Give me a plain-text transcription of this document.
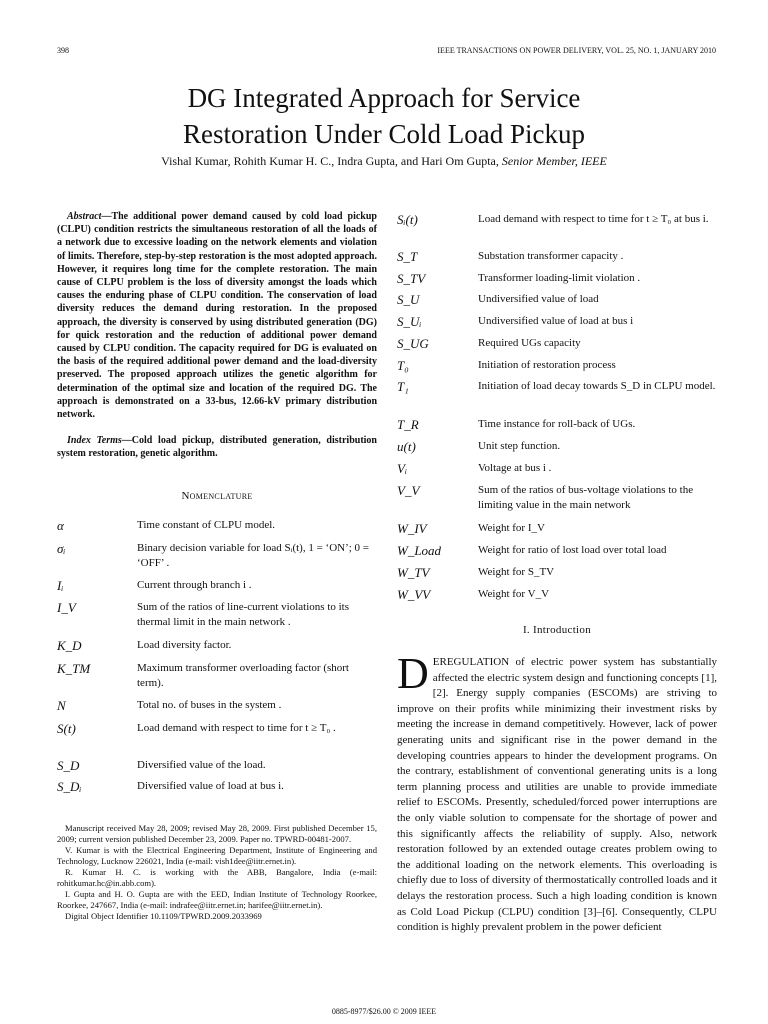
398	IEEE TRANSACTIONS ON POWER DELIVERY, VOL. 25, NO. 1, JANUARY 2010
DG Integrated Approach for Service
Restoration Under Cold Load Pickup
Vishal Kumar, Rohith Kumar H. C., Indra Gupta, and Hari Om Gupta, Senior Member, IEEE
Abstract—The additional power demand caused by cold load pickup (CLPU) condition restricts the simultaneous restoration of all the loads of a network due to excessive loading on the network elements and violation of limits. Therefore, step-by-step restoration is the most adopted approach. However, it requires long time for the complete restoration. The main cause of CLPU problem is the loss of diversity amongst the loads which causes the enduring phase of CLPU condition. The conservation of load diversity reduces the demand during restoration. In the proposed approach, the diversity is conserved by using distributed generation (DG) for quick restoration and the reduction of additional power demand caused by CLPU condition. The capacity required for DG is evaluated on the basis of the required additional power demand and the load-diversity preserved. The proposed approach utilizes the genetic algorithm for determination of the optimal size and location of the required DG. The approach is demonstrated on a 33-bus, 12.66-kV primary distribution network.
Index Terms—Cold load pickup, distributed generation, distribution system restoration, genetic algorithm.
Nomenclature
α	Time constant of CLPU model.
σᵢ	Binary decision variable for load Sᵢ(t), 1 = ‘ON’; 0 = ‘OFF’ .
Iᵢ	Current through branch i .
I_V	Sum of the ratios of line-current violations to its thermal limit in the main network .
K_D	Load diversity factor.
K_TM	Maximum transformer overloading factor (short term).
N	Total no. of buses in the system .
S(t)	Load demand with respect to time for t ≥ T₀ .
S_D	Diversified value of the load.
S_Dᵢ	Diversified value of load at bus i.
Sᵢ(t)	Load demand with respect to time for t ≥ T₀ at bus i.
S_T	Substation transformer capacity .
S_TV	Transformer loading-limit violation .
S_U	Undiversified value of load
S_Uᵢ	Undiversified value of load at bus i
S_UG	Required UGs capacity
T₀	Initiation of restoration process
T₁	Initiation of load decay towards S_D in CLPU model.
T_R	Time instance for roll-back of UGs.
u(t)	Unit step function.
Vᵢ	Voltage at bus i .
V_V	Sum of the ratios of bus-voltage violations to the limiting value in the main network
W_IV	Weight for I_V
W_Load	Weight for ratio of lost load over total load
W_TV	Weight for S_TV
W_VV	Weight for V_V
I. Introduction
DEREGULATION of electric power system has substantially affected the electric system design and functioning concepts [1], [2]. Energy supply companies (ESCOMs) are striving to improve on their profits while minimizing their investment risks by meeting the increase in demand competitively. However, lack of power generating units and significant rise in the power demand in the developing countries appears to hinder the development programs. On the contrary, establishment of conventional generating units is a long term planning process and utilities are unable to provide immediate relief to ESCOMs. Presently, scheduled/forced power interruptions are the only viable solution to compensate for the shortage of power and this significantly affects the reliability of supply. Also, network restoration followed by an extended outage creates problem owing to the additional loading on the network elements. This overloading is chiefly due to loss of diversity of thermostatically controlled loads and it delays the restoration process. Such a high loading condition is known as Cold Load Pickup (CLPU) condition [3]–[6]. Consequently, CLPU condition is highly prevalent problem in the power deficient

Manuscript received May 28, 2009; revised May 28, 2009. First published December 15, 2009; current version published December 23, 2009. Paper no. TPWRD-00481-2007.

V. Kumar is with the Electrical Engineering Department, Institute of Engineering and Technology, Lucknow 226021, India (e-mail: vish1dee@iitr.ernet.in).

R. Kumar H. C. is working with the ABB, Bangalore, India (e-mail: rohitkumar.hc@in.abb.com).

I. Gupta and H. O. Gupta are with the EED, Indian Institute of Technology Roorkee, Roorkee, 247667, India (e-mail: indrafee@iitr.ernet.in; harifee@iitr.ernet.in).

Digital Object Identifier 10.1109/TPWRD.2009.2033969

0885-8977/$26.00 © 2009 IEEE
